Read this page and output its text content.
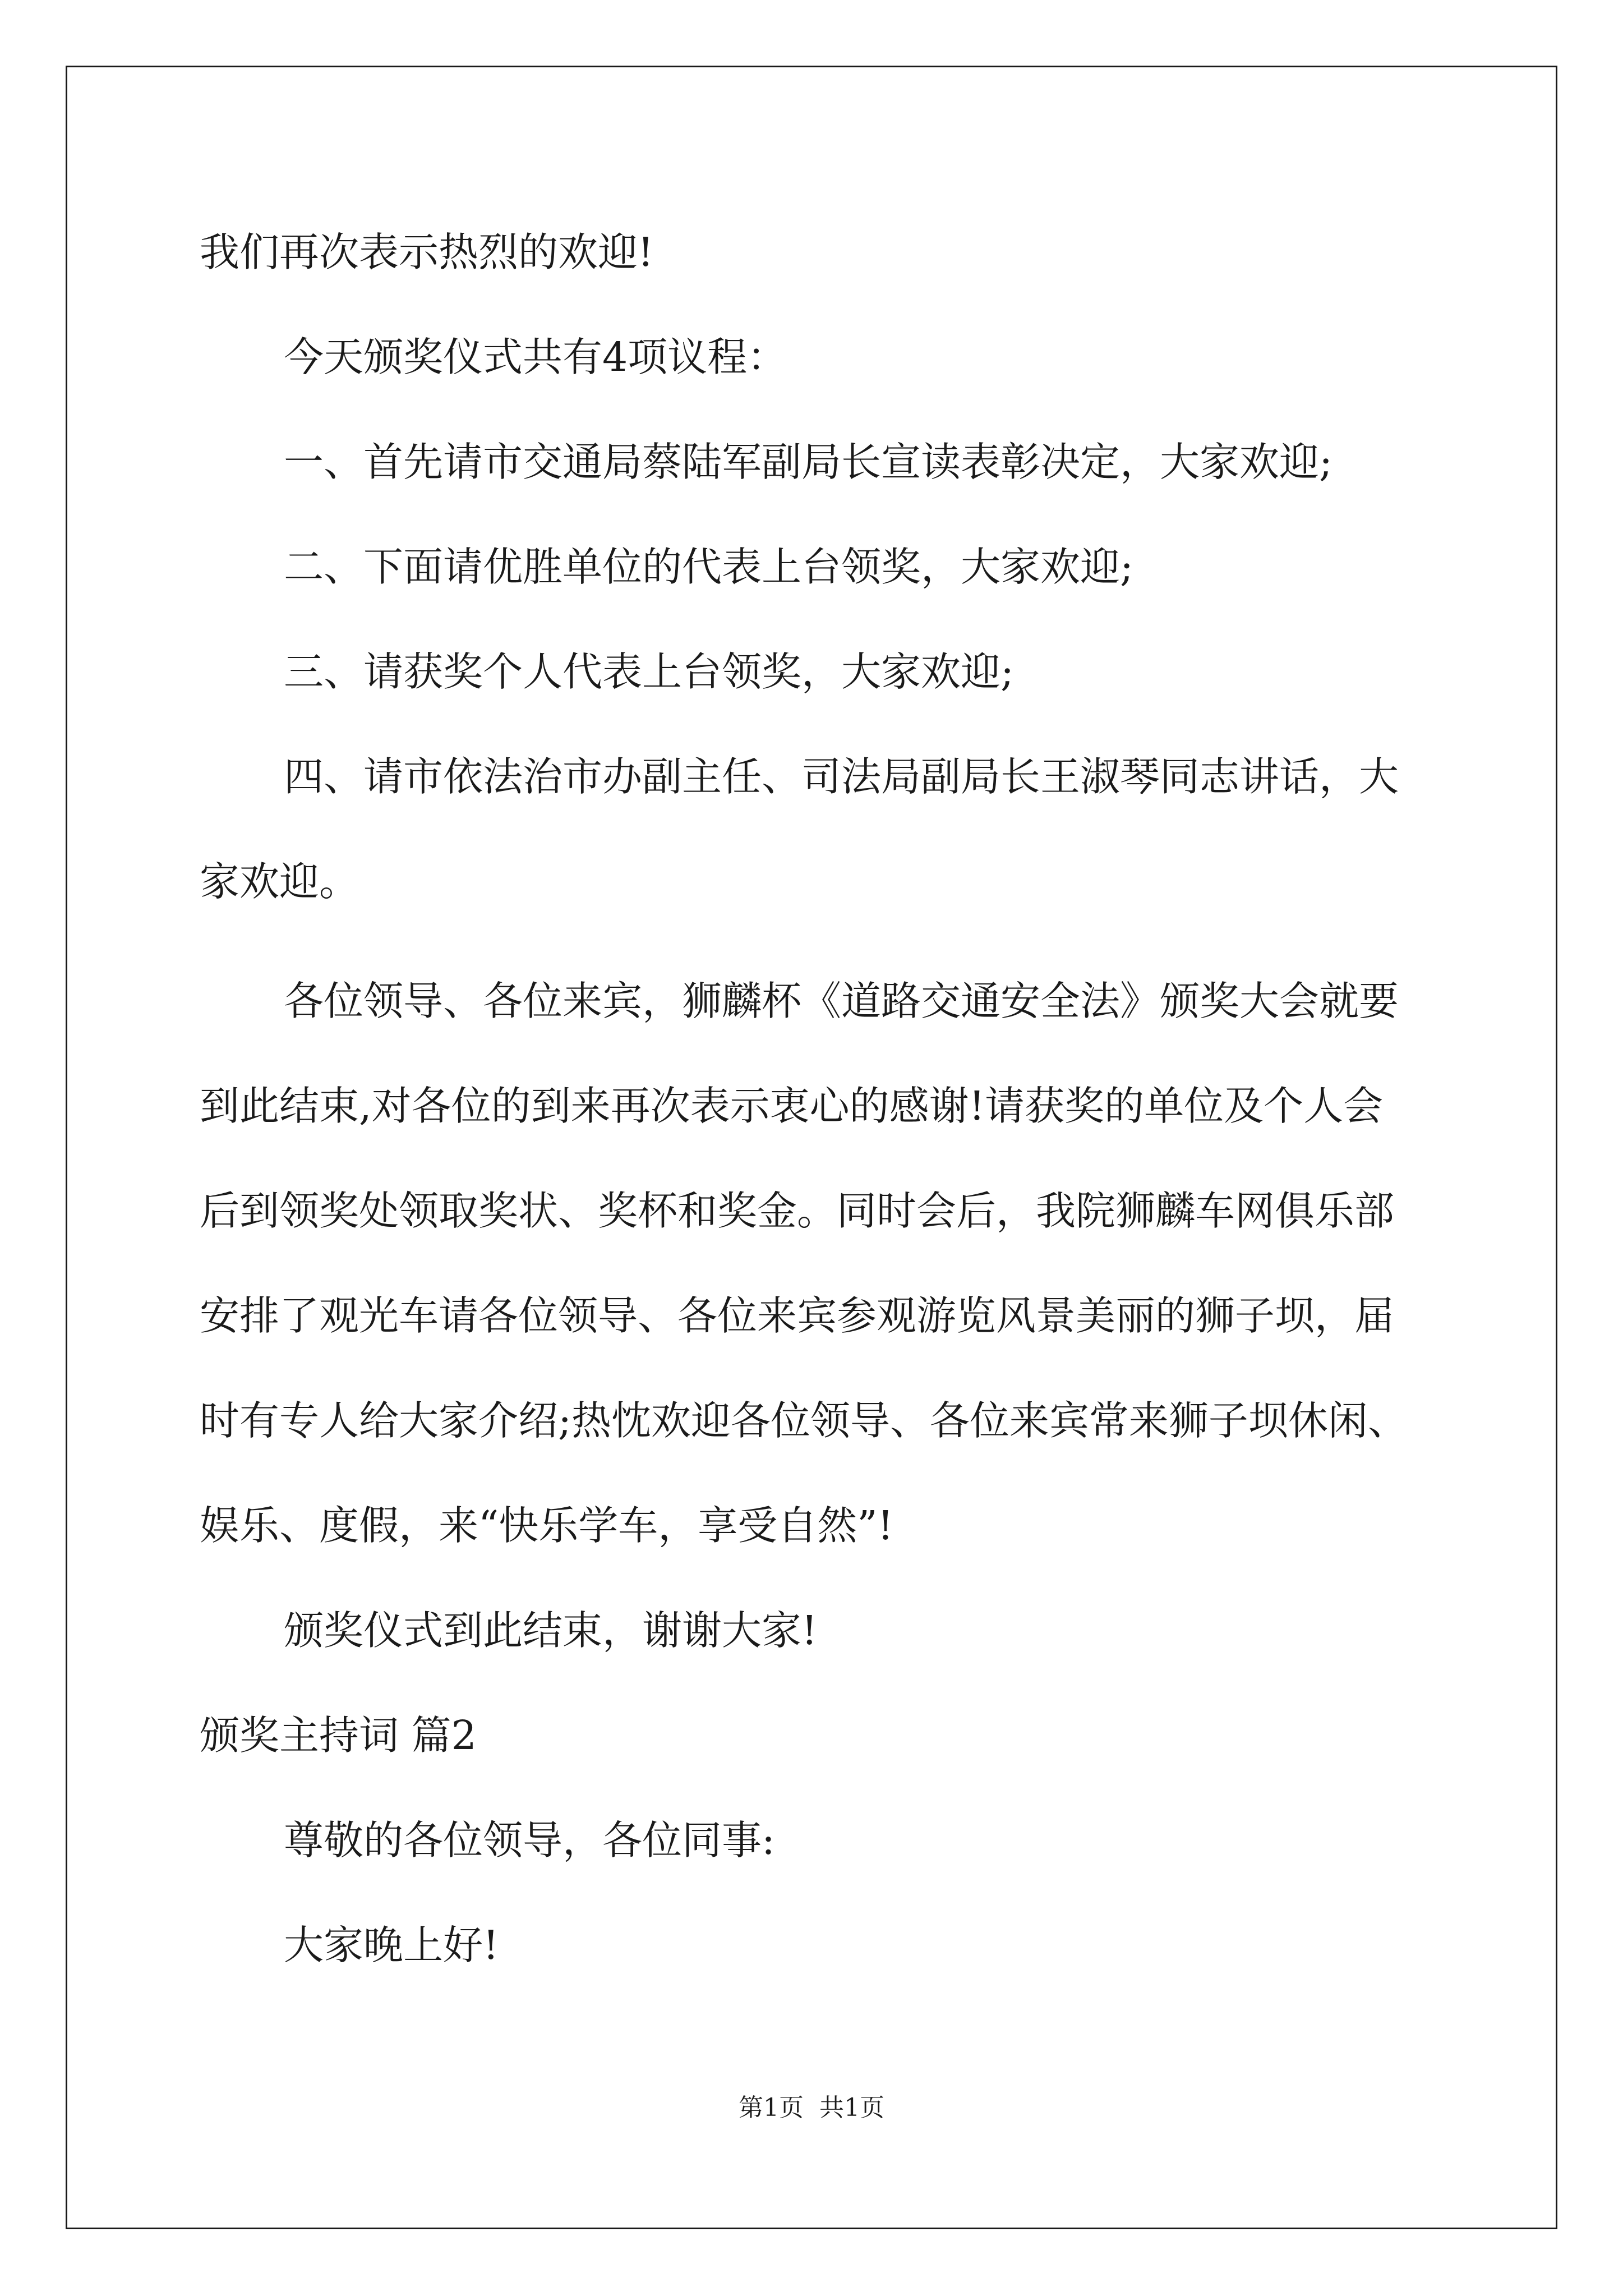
我们再次表示热烈的欢迎!
今天颁奖仪式共有4项议程：
一、首先请市交通局蔡陆军副局长宣读表彰决定，大家欢迎;
二、下面请优胜单位的代表上台领奖，大家欢迎;
三、请获奖个人代表上台领奖，大家欢迎;
四、请市依法治市办副主任、司法局副局长王淑琴同志讲话，大
家欢迎。
各位领导、各位来宾，狮麟杯《道路交通安全法》颁奖大会就要
到此结束,对各位的到来再次表示衷心的感谢!请获奖的单位及个人会
后到领奖处领取奖状、奖杯和奖金。同时会后，我院狮麟车网俱乐部
安排了观光车请各位领导、各位来宾参观游览风景美丽的狮子坝，届
时有专人给大家介绍;热忱欢迎各位领导、各位来宾常来狮子坝休闲、
娱乐、度假，来“快乐学车，享受自然”!
颁奖仪式到此结束，谢谢大家!
颁奖主持词 篇2
尊敬的各位领导，各位同事:
大家晚上好!
第1页  共1页
